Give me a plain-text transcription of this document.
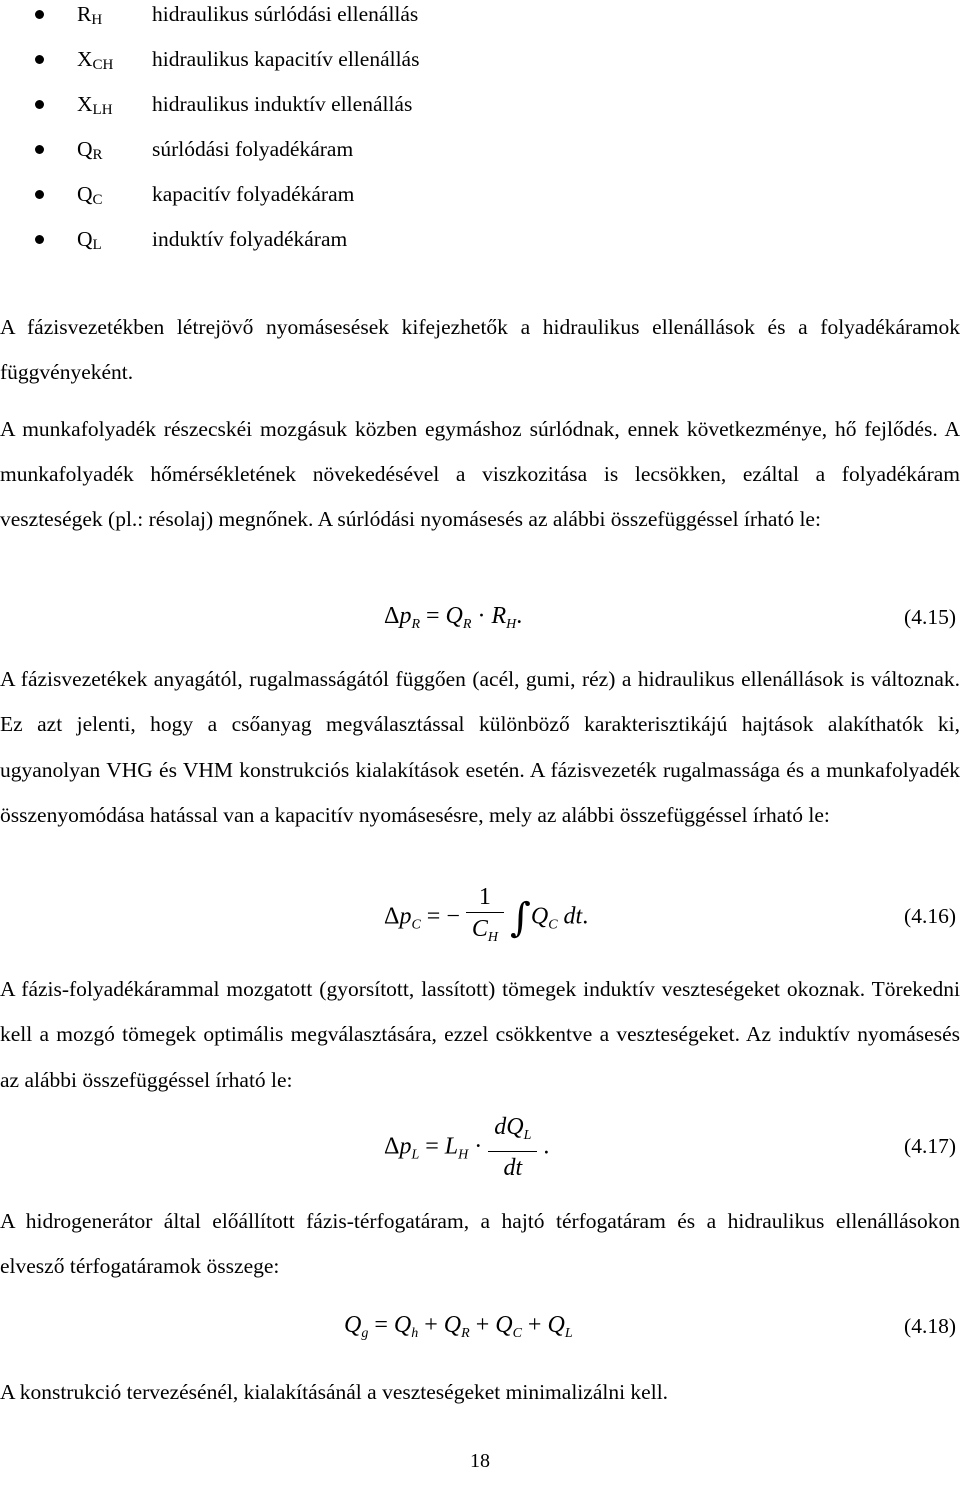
$R_H$ hidraulikus súrlódási ellenállás
$X_{CH}$ hidraulikus kapacitív ellenállás
$X_{LH}$ hidraulikus induktív ellenállás
$Q_R$ súrlódási folyadékáram
$Q_C$ kapacitív folyadékáram
$Q_L$ induktív folyadékáram
A fázisvezetékben létrejövő nyomásesések kifejezhetők a hidraulikus ellenállások és a folyadékáramok függvényeként.
A munkafolyadék részecskéi mozgásuk közben egymáshoz súrlódnak, ennek következménye, hő fejlődés. A munkafolyadék hőmérsékletének növekedésével a viszkozitása is lecsökken, ezáltal a folyadékáram veszteségek (pl.: résolaj) megnőnek. A súrlódási nyomásesés az alábbi összefüggéssel írható le:
$\Delta p_R = Q_R \cdot R_H$.	(4.15)
A fázisvezetékek anyagától, rugalmasságától függően (acél, gumi, réz) a hidraulikus ellenállások is változnak. Ez azt jelenti, hogy a csőanyag megválasztással különböző karakterisztikájú hajtások alakíthatók ki, ugyanolyan VHG és VHM konstrukciós kialakítások esetén. A fázisvezeték rugalmassága és a munkafolyadék összenyomódása hatással van a kapacitív nyomásesésre, mely az alábbi összefüggéssel írható le:
$\Delta p_C$ = − $\frac{1}{C_H} \int Q_C$ dt.	(4.16)
A fázis-folyadékárammal mozgatott (gyorsított, lassított) tömegek induktív veszteségeket okoznak. Törekedni kell a mozgó tömegek optimális megválasztására, ezzel csökkentve a veszteségeket. Az induktív nyomásesés az alábbi összefüggéssel írható le:
$\Delta p_L = L_H \cdot \frac{dQ_L}{dt}$ .	(4.17)
A hidrogenerátor által előállított fázis-térfogatáram, a hajtó térfogatáram és a hidraulikus ellenállásokon elvesző térfogatáramok összege:
$Q_g = Q_h + Q_R + Q_C + Q_L$	(4.18)
A konstrukció tervezésénél, kialakításánál a veszteségeket minimalizálni kell.
18
